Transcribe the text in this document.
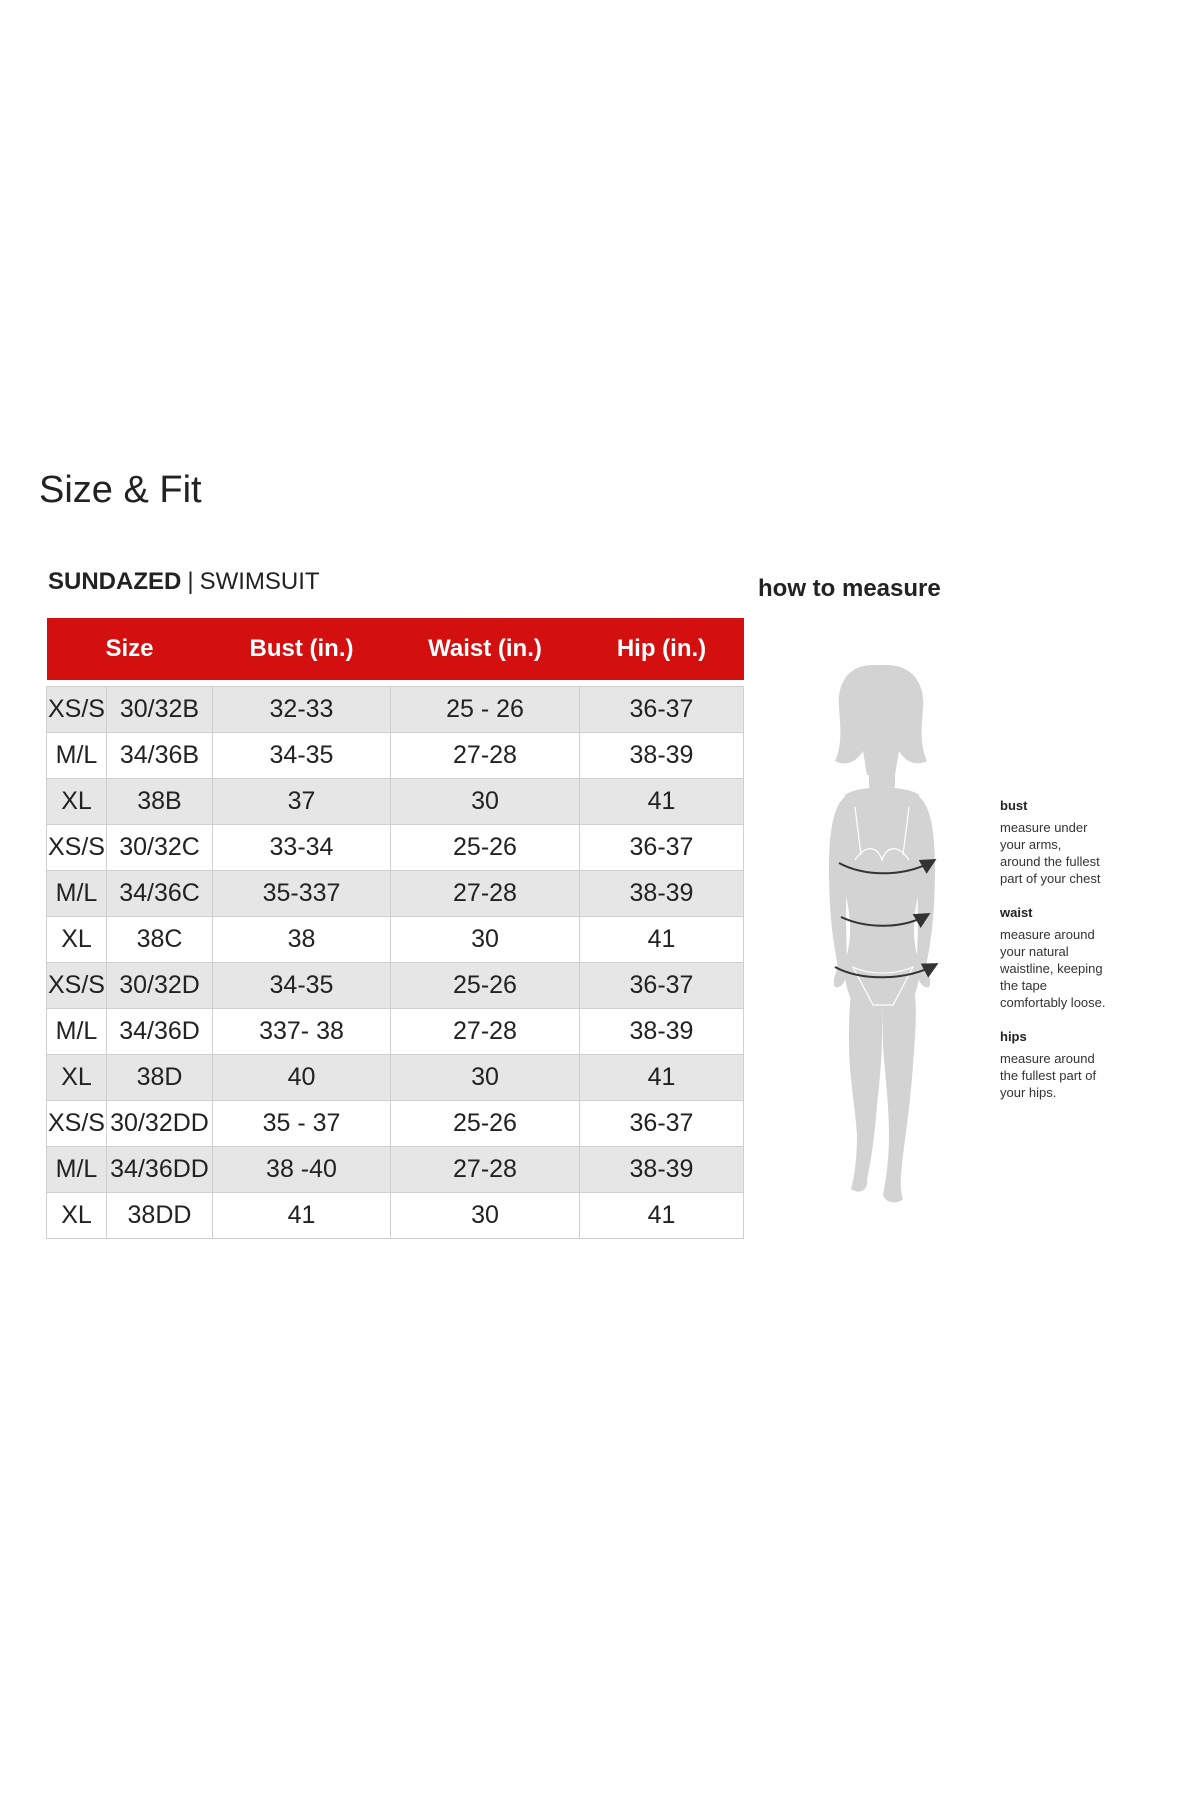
Size & Fit
SUNDAZED | SWIMSUIT
Size		Bust (in.)	Waist (in.)	Hip (in.)

XS/S	30/32B	32-33	25 - 26	36-37
M/L	34/36B	34-35	27-28	38-39
XL	38B	37	30	41
XS/S	30/32C	33-34	25-26	36-37
M/L	34/36C	35-337	27-28	38-39
XL	38C	38	30	41
XS/S	30/32D	34-35	25-26	36-37
M/L	34/36D	337- 38	27-28	38-39
XL	38D	40	30	41
XS/S	30/32DD	35 - 37	25-26	36-37
M/L	34/36DD	38 -40	27-28	38-39
XL	38DD	41	30	41
how to measure
bust
measure under
your arms,
around the fullest
part of your chest
waist
measure around
your natural
waistline, keeping
the tape
comfortably loose.
hips
measure around
the fullest part of
your hips.
